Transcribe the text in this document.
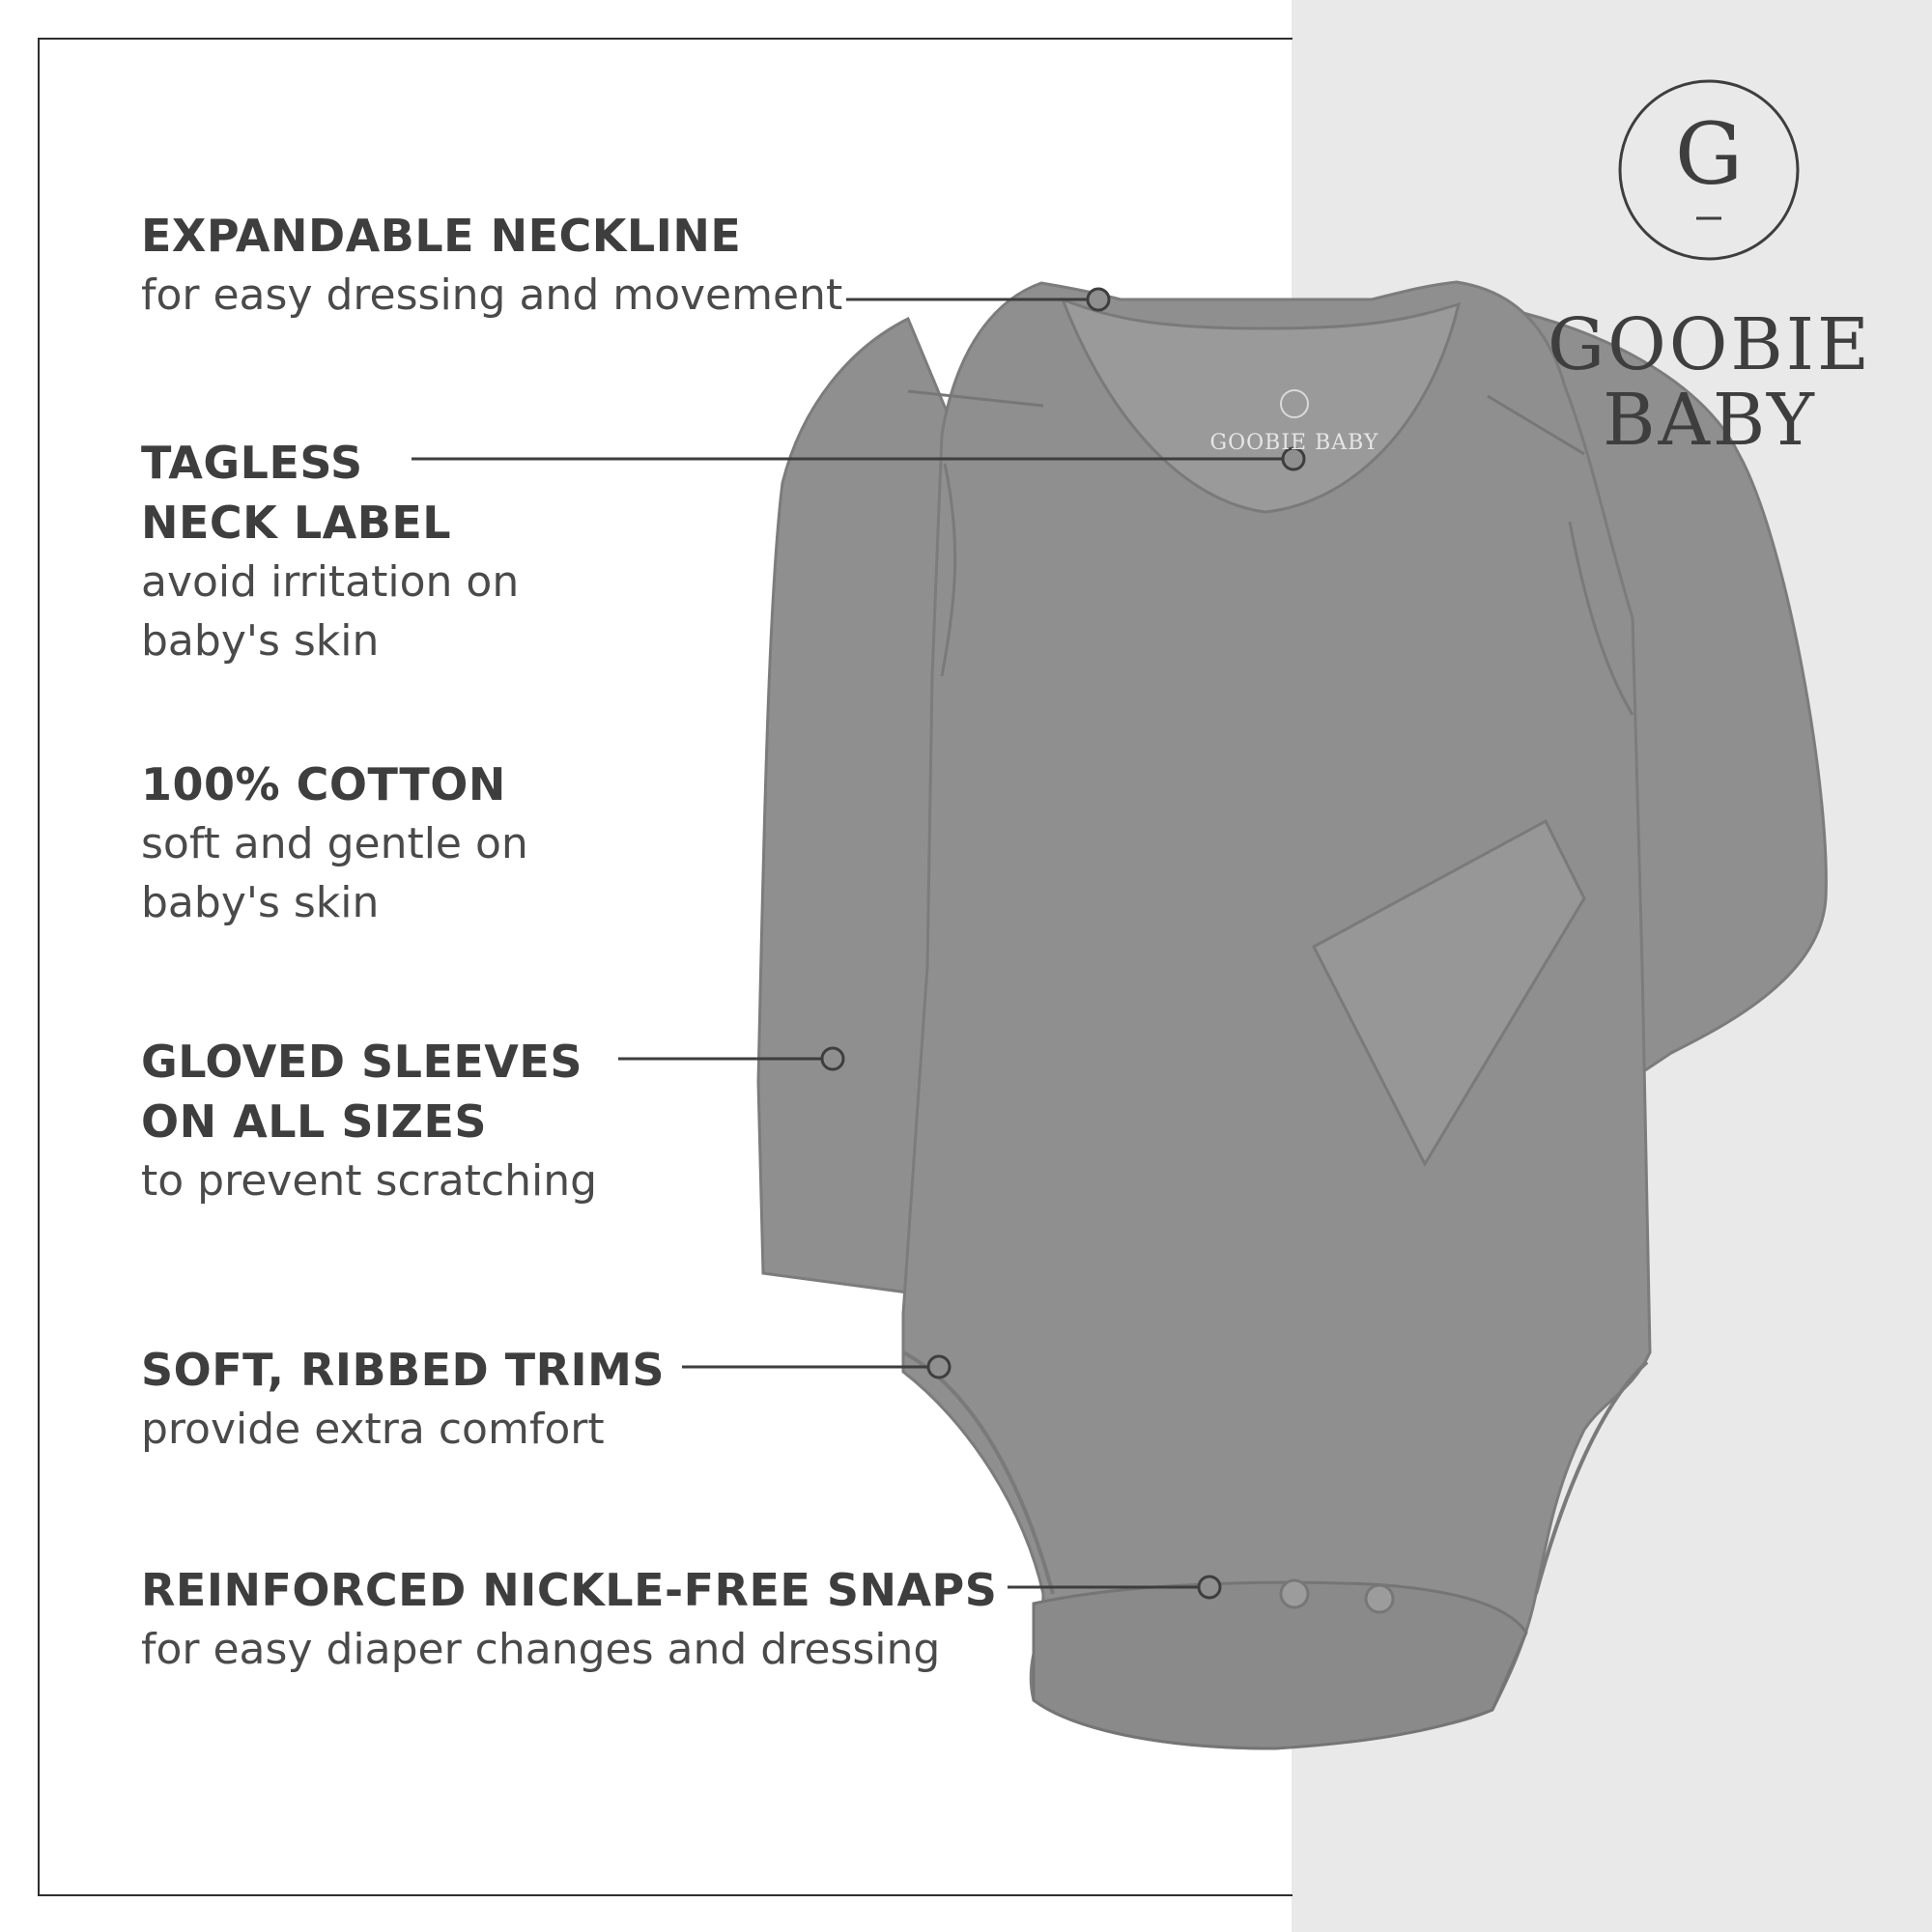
GOOBIE BABY
G
GOOBIE
BABY
EXPANDABLE NECKLINE
for easy dressing and movement
TAGLESS
NECK LABEL
avoid irritation on
baby's skin
100% COTTON
soft and gentle on
baby's skin
GLOVED SLEEVES
ON ALL SIZES
to prevent scratching
SOFT, RIBBED TRIMS
provide extra comfort
REINFORCED NICKLE-FREE SNAPS
for easy diaper changes and dressing
